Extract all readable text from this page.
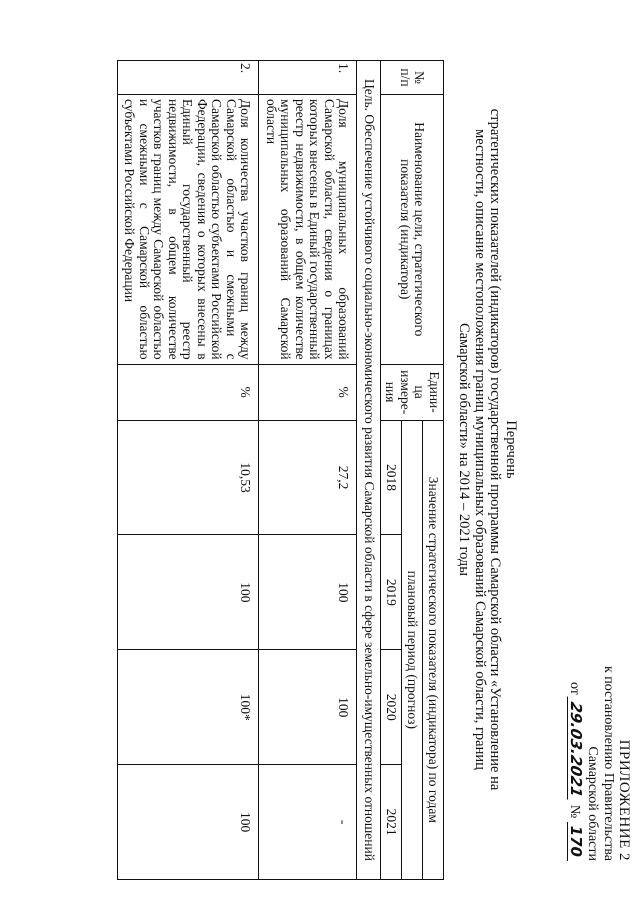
ПРИЛОЖЕНИЕ 2
к постановлению Правительства
Самарской области
от 29.03.2021 № 170
Перечень
стратегических показателей (индикаторов) государственной программы Самарской области «Установление на
местности, описание местоположения границ муниципальных образований Самарской области, границ
Самарской области» на 2014 – 2021 годы
№ п/п	Наименование цели, стратегического показателя (индикатора)	Едини-ца измере-ния	Значение стратегического показателя (индикатора) по годам			
			плановый период (прогноз)			
			2018	2019	2020	2021
Цель. Обеспечение устойчивого социально-экономического развития Самарской области в сфере земельно-имущественных отношений						
1.	Доля муниципальных образований Самарской области, сведения о границах которых внесены в Единый государственный реестр недвижимости, в общем количестве муниципальных образований Самарской области	%	27,2	100	100	-
2.	Доля количества участков границ между Самарской областью и смежными с Самарской областью субъектами Российской Федерации, сведения о которых внесены в Единый государственный реестр недвижимости, в общем количестве участков границ между Самарской областью и смежными с Самарской областью субъектами Российской Федерации	%	10,53	100	100*	100
